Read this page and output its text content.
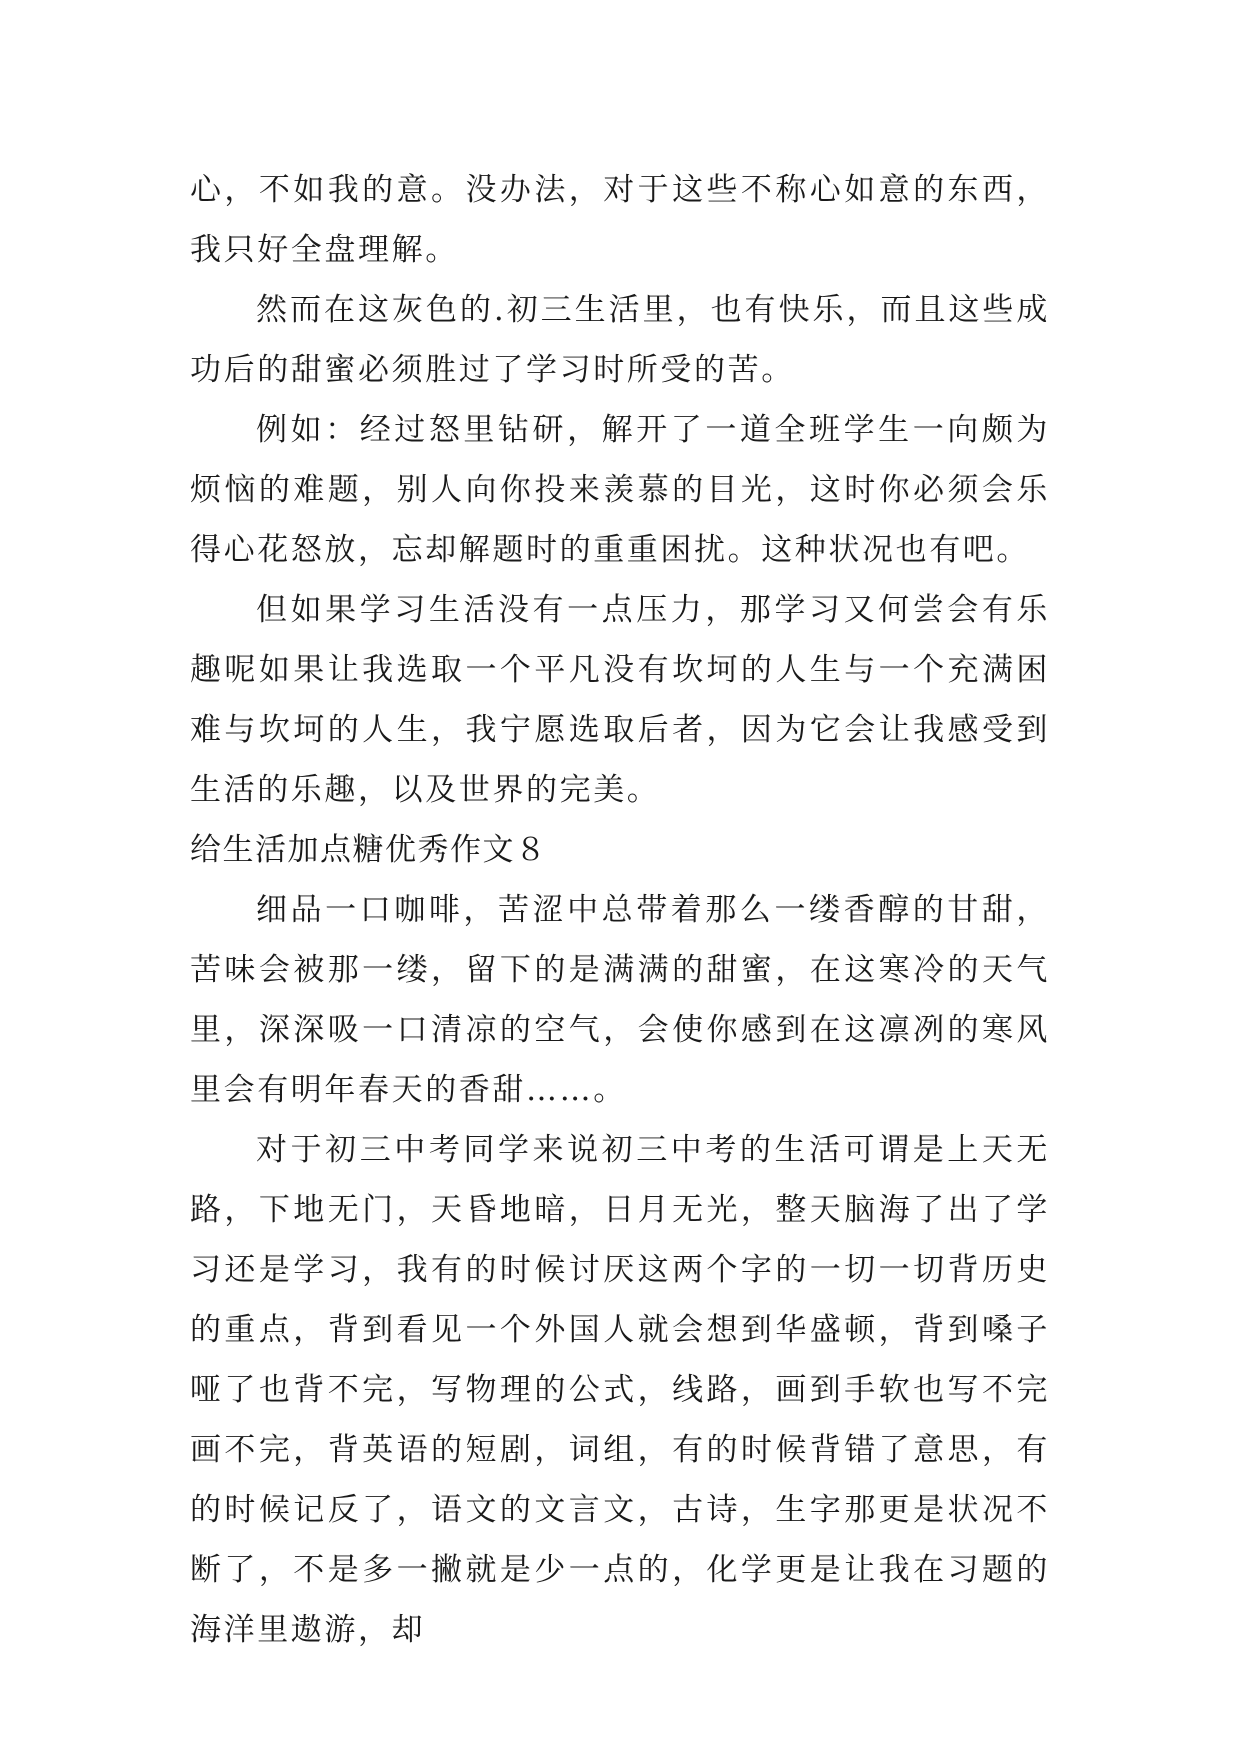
心，不如我的意。没办法，对于这些不称心如意的东西，我只好全盘理解。

然而在这灰色的.初三生活里，也有快乐，而且这些成功后的甜蜜必须胜过了学习时所受的苦。

例如：经过怒里钻研，解开了一道全班学生一向颇为烦恼的难题，别人向你投来羡慕的目光，这时你必须会乐得心花怒放，忘却解题时的重重困扰。这种状况也有吧。

但如果学习生活没有一点压力，那学习又何尝会有乐趣呢如果让我选取一个平凡没有坎坷的人生与一个充满困难与坎坷的人生，我宁愿选取后者，因为它会让我感受到生活的乐趣，以及世界的完美。

给生活加点糖优秀作文８

细品一口咖啡，苦涩中总带着那么一缕香醇的甘甜，苦味会被那一缕，留下的是满满的甜蜜，在这寒冷的天气里，深深吸一口清凉的空气，会使你感到在这凛冽的寒风里会有明年春天的香甜……。

对于初三中考同学来说初三中考的生活可谓是上天无路，下地无门，天昏地暗，日月无光，整天脑海了出了学习还是学习，我有的时候讨厌这两个字的一切一切背历史的重点，背到看见一个外国人就会想到华盛顿，背到嗓子哑了也背不完，写物理的公式，线路，画到手软也写不完画不完，背英语的短剧，词组，有的时候背错了意思，有的时候记反了，语文的文言文，古诗，生字那更是状况不断了，不是多一撇就是少一点的，化学更是让我在习题的海洋里遨游，却
